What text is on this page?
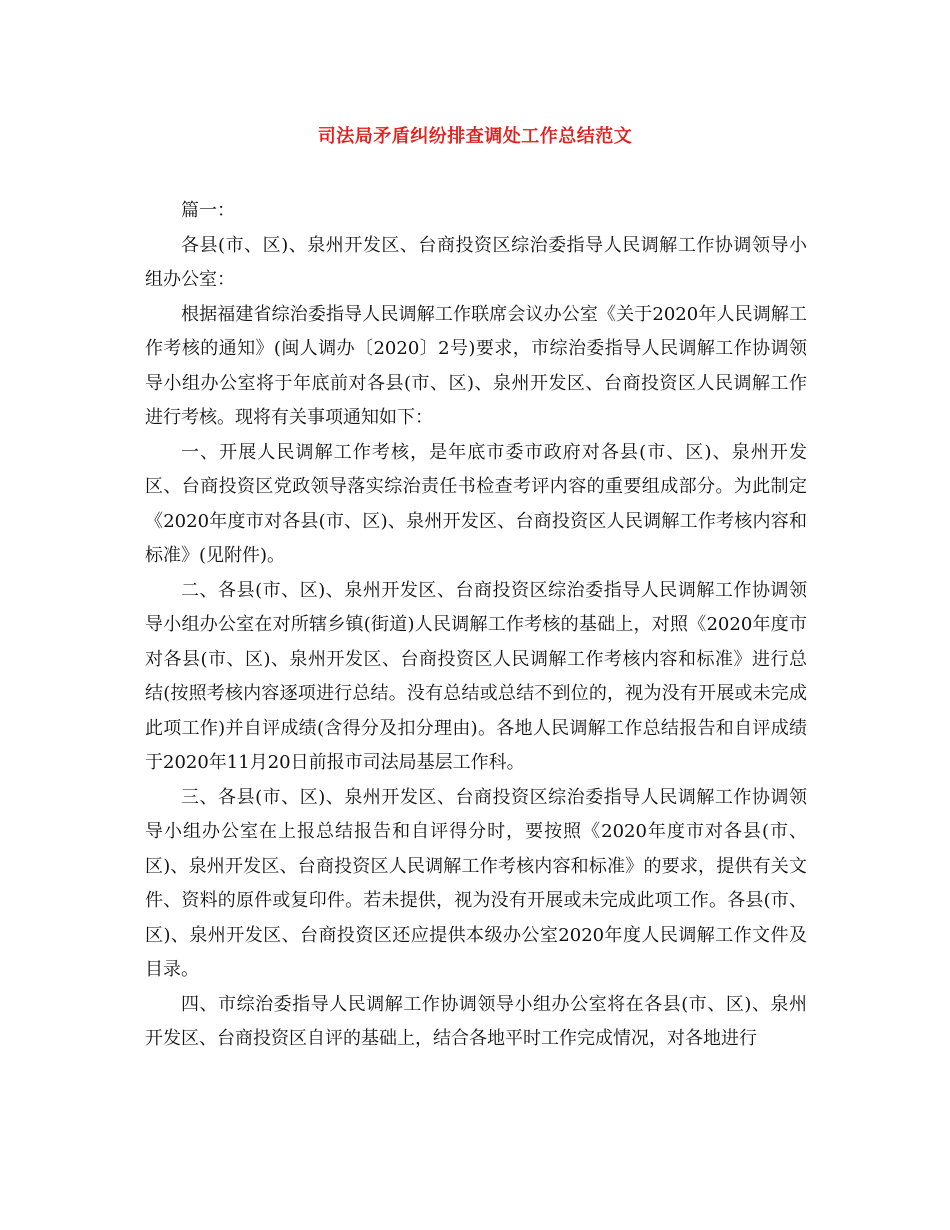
司法局矛盾纠纷排查调处工作总结范文

篇一：

各县(市、区)、泉州开发区、台商投资区综治委指导人民调解工作协调领导小组办公室：

根据福建省综治委指导人民调解工作联席会议办公室《关于2020年人民调解工作考核的通知》(闽人调办〔2020〕2号)要求，市综治委指导人民调解工作协调领导小组办公室将于年底前对各县(市、区)、泉州开发区、台商投资区人民调解工作进行考核。现将有关事项通知如下：

一、开展人民调解工作考核，是年底市委市政府对各县(市、区)、泉州开发区、台商投资区党政领导落实综治责任书检查考评内容的重要组成部分。为此制定《2020年度市对各县(市、区)、泉州开发区、台商投资区人民调解工作考核内容和标准》(见附件)。

二、各县(市、区)、泉州开发区、台商投资区综治委指导人民调解工作协调领导小组办公室在对所辖乡镇(街道)人民调解工作考核的基础上，对照《2020年度市对各县(市、区)、泉州开发区、台商投资区人民调解工作考核内容和标准》进行总结(按照考核内容逐项进行总结。没有总结或总结不到位的，视为没有开展或未完成此项工作)并自评成绩(含得分及扣分理由)。各地人民调解工作总结报告和自评成绩于2020年11月20日前报市司法局基层工作科。

三、各县(市、区)、泉州开发区、台商投资区综治委指导人民调解工作协调领导小组办公室在上报总结报告和自评得分时，要按照《2020年度市对各县(市、区)、泉州开发区、台商投资区人民调解工作考核内容和标准》的要求，提供有关文件、资料的原件或复印件。若未提供，视为没有开展或未完成此项工作。各县(市、区)、泉州开发区、台商投资区还应提供本级办公室2020年度人民调解工作文件及目录。

四、市综治委指导人民调解工作协调领导小组办公室将在各县(市、区)、泉州开发区、台商投资区自评的基础上，结合各地平时工作完成情况，对各地进行
